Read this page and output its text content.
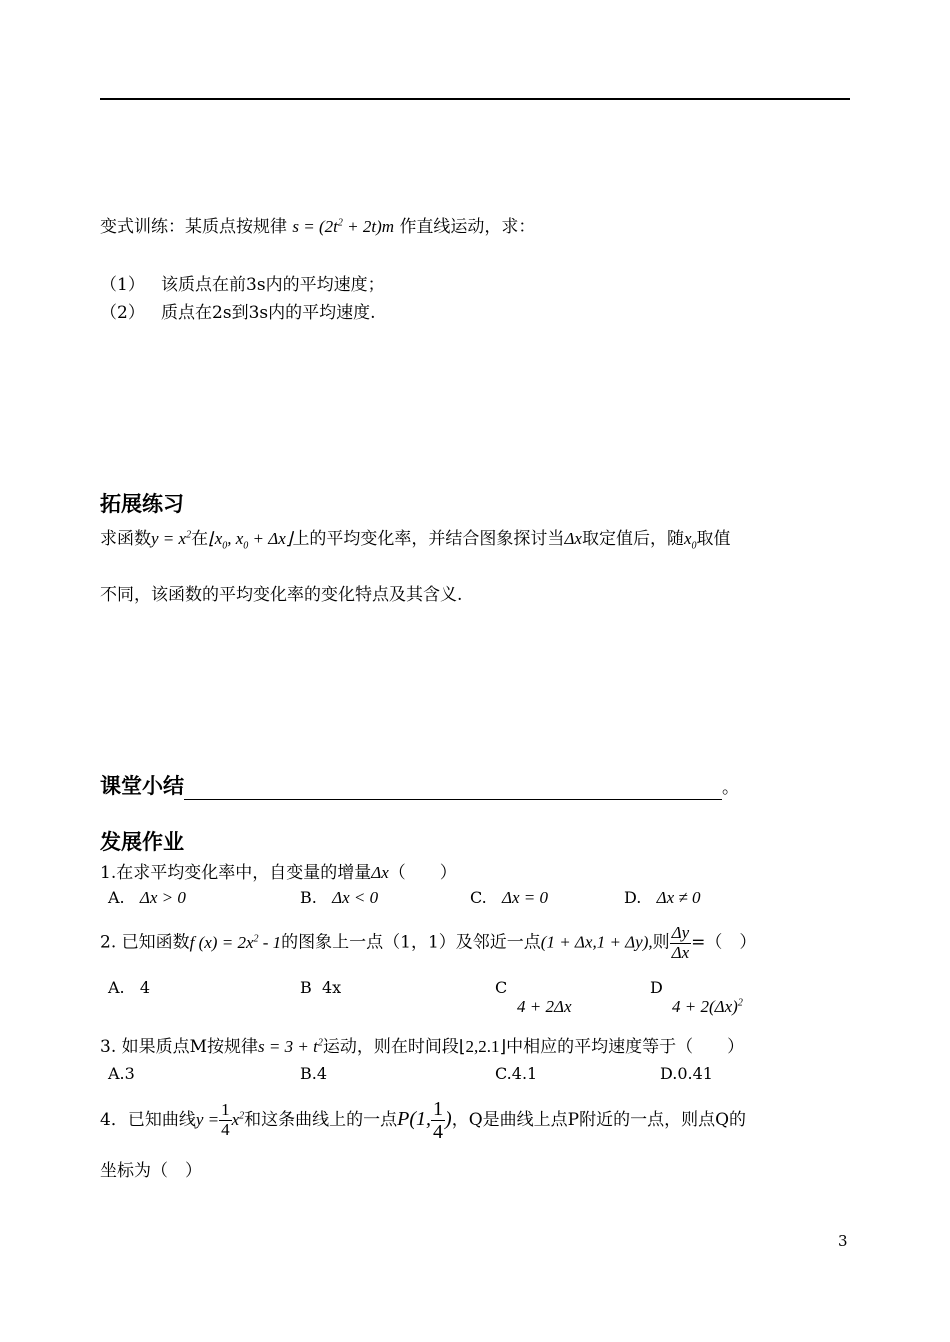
变式训练：某质点按规律 $s = (2t^2 + 2t)m$ 作直线运动，求：
（1） 该质点在前3s内的平均速度；
（2） 质点在2s到3s内的平均速度.
拓展练习
求函数$y = x^2$在$⌊x_0$, $x_0$ + Δx⌋上的平均变化率，并结合图象探讨当Δx取定值后，随$x_0$取值
不同，该函数的平均变化率的变化特点及其含义.
课堂小结	。
发展作业
1.在求平均变化率中，自变量的增量Δx（　　）
A. Δx > 0	B. Δx < 0	C. Δx = 0	D. Δx ≠ 0
2. 已知函数f $(x) = 2x^2 - 1$的图象上一点（1，1）及邻近一点(1 + Δx,1 + Δy),则 $\frac{\Delta y}{\Delta x}$ =（　）
A. 4	B 4x	C
4 + 2Δx
D
$4 + 2(\Delta x)^2$
3. 如果质点M按规律$s = 3 + t^2$运动，则在时间段⌊2,2.1⌋中相应的平均速度等于（　　）
A.3	B.4	C.4.1	D.0.41
4．已知曲线$y = \frac{1}{4} x^2$和这条曲线上的一点P(1, $\frac{1}{4}$ )，Q是曲线上点P附近的一点，则点Q的
坐标为（　）
3
